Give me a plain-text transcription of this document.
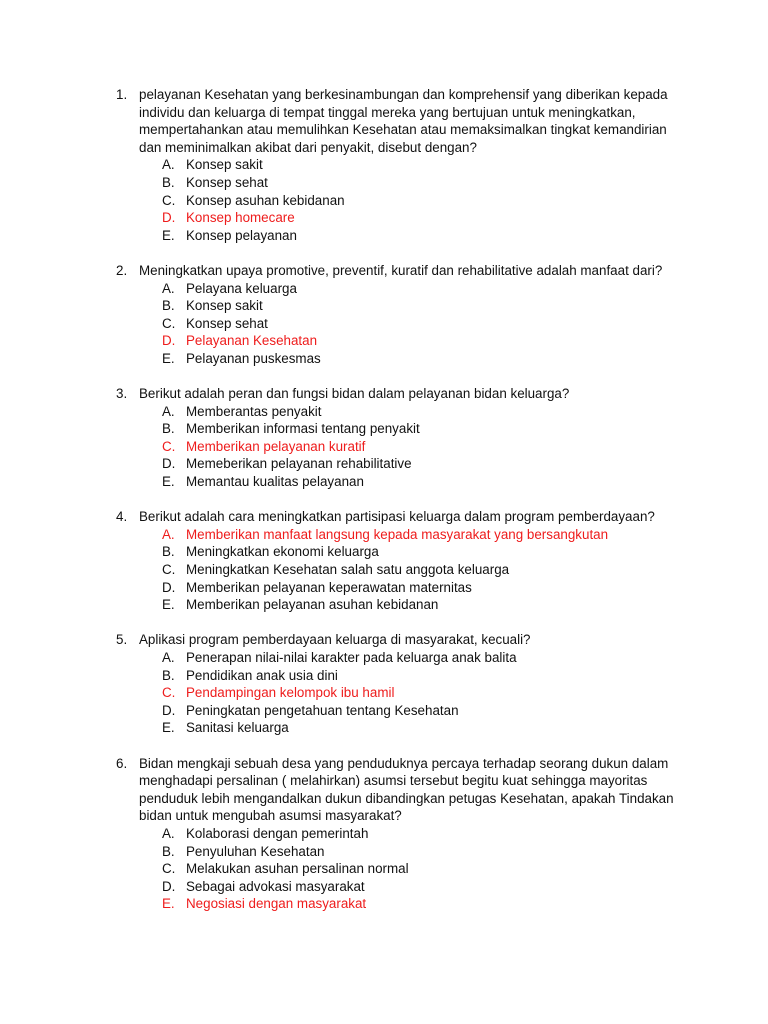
1. pelayanan Kesehatan yang berkesinambungan dan komprehensif yang diberikan kepada
individu dan keluarga di tempat tinggal mereka yang bertujuan untuk meningkatkan,
mempertahankan atau memulihkan Kesehatan atau memaksimalkan tingkat kemandirian
dan meminimalkan akibat dari penyakit, disebut dengan?
A. Konsep sakit
B. Konsep sehat
C. Konsep asuhan kebidanan
D. Konsep homecare
E. Konsep pelayanan
2. Meningkatkan upaya promotive, preventif, kuratif dan rehabilitative adalah manfaat dari?
A. Pelayana keluarga
B. Konsep sakit
C. Konsep sehat
D. Pelayanan Kesehatan
E. Pelayanan puskesmas
3. Berikut adalah peran dan fungsi bidan dalam pelayanan bidan keluarga?
A. Memberantas penyakit
B. Memberikan informasi tentang penyakit
C. Memberikan pelayanan kuratif
D. Memeberikan pelayanan rehabilitative
E. Memantau kualitas pelayanan
4. Berikut adalah cara meningkatkan partisipasi keluarga dalam program pemberdayaan?
A. Memberikan manfaat langsung kepada masyarakat yang bersangkutan
B. Meningkatkan ekonomi keluarga
C. Meningkatkan Kesehatan salah satu anggota keluarga
D. Memberikan pelayanan keperawatan maternitas
E. Memberikan pelayanan asuhan kebidanan
5. Aplikasi program pemberdayaan keluarga di masyarakat, kecuali?
A. Penerapan nilai-nilai karakter pada keluarga anak balita
B. Pendidikan anak usia dini
C. Pendampingan kelompok ibu hamil
D. Peningkatan pengetahuan tentang Kesehatan
E. Sanitasi keluarga
6. Bidan mengkaji sebuah desa yang penduduknya percaya terhadap seorang dukun dalam
menghadapi persalinan ( melahirkan) asumsi tersebut begitu kuat sehingga mayoritas
penduduk lebih mengandalkan dukun dibandingkan petugas Kesehatan, apakah Tindakan
bidan untuk mengubah asumsi masyarakat?
A. Kolaborasi dengan pemerintah
B. Penyuluhan Kesehatan
C. Melakukan asuhan persalinan normal
D. Sebagai advokasi masyarakat
E. Negosiasi dengan masyarakat
